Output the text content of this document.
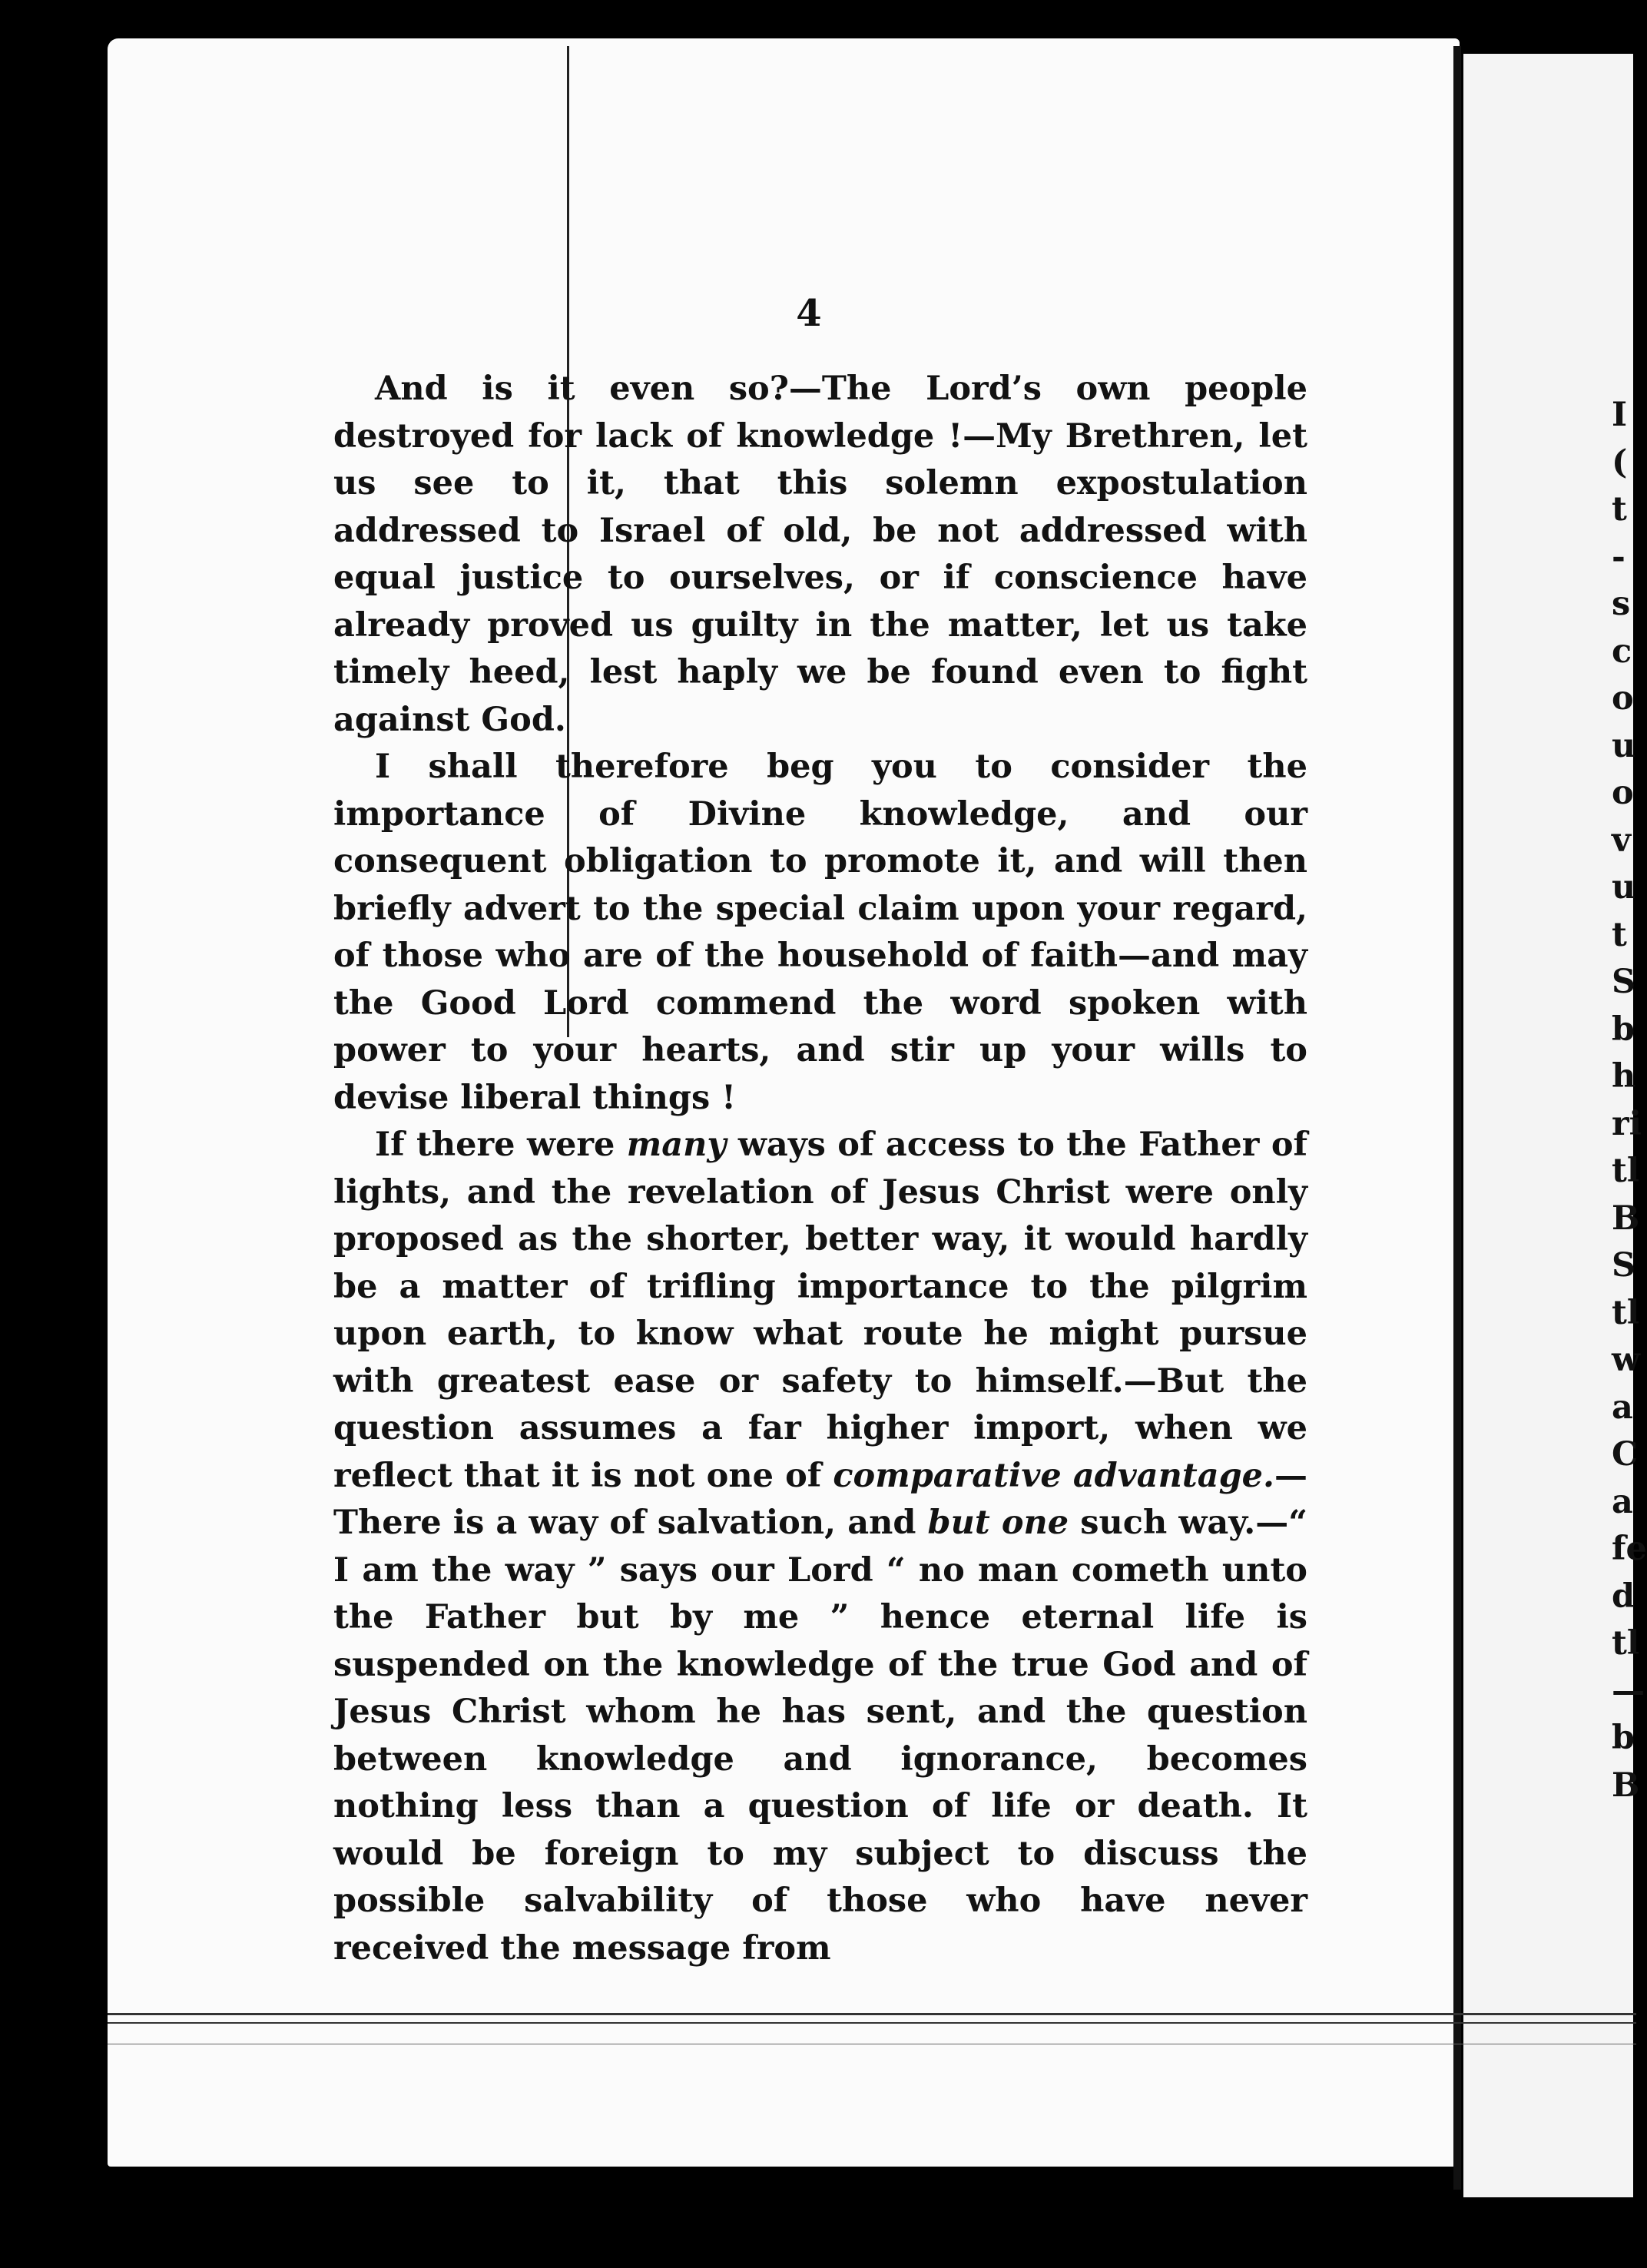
4

And is it even so?—The Lord’s own people destroyed for lack of knowledge !—My Brethren, let us see to it, that this solemn expostulation addressed to Israel of old, be not addressed with equal justice to ourselves, or if conscience have already proved us guilty in the matter, let us take timely heed, lest haply we be found even to fight against God.

I shall therefore beg you to consider the importance of Divine knowledge, and our consequent obligation to promote it, and will then briefly advert to the special claim upon your regard, of those who are of the household of faith—and may the Good Lord commend the word spoken with power to your hearts, and stir up your wills to devise liberal things !

If there were many ways of access to the Father of lights, and the revelation of Jesus Christ were only proposed as the shorter, better way, it would hardly be a matter of trifling importance to the pilgrim upon earth, to know what route he might pursue with greatest ease or safety to himself.—But the question assumes a far higher import, when we reflect that it is not one of comparative advantage.—There is a way of salvation, and but one such way.—“ I am the way ” says our Lord “ no man cometh unto the Father but by me ” hence eternal life is suspended on the knowledge of the true God and of Jesus Christ whom he has sent, and the question between knowledge and ignorance, becomes nothing less than a question of life or death. It would be foreign to my subject to discuss the possible salvability of those who have never received the message from

I
(
t
-
s
c
o
u
o
v
u
t
S
b
h
ri
tl
B
S
tl
w
a
C
a
fe
d
tl
—
b
B
